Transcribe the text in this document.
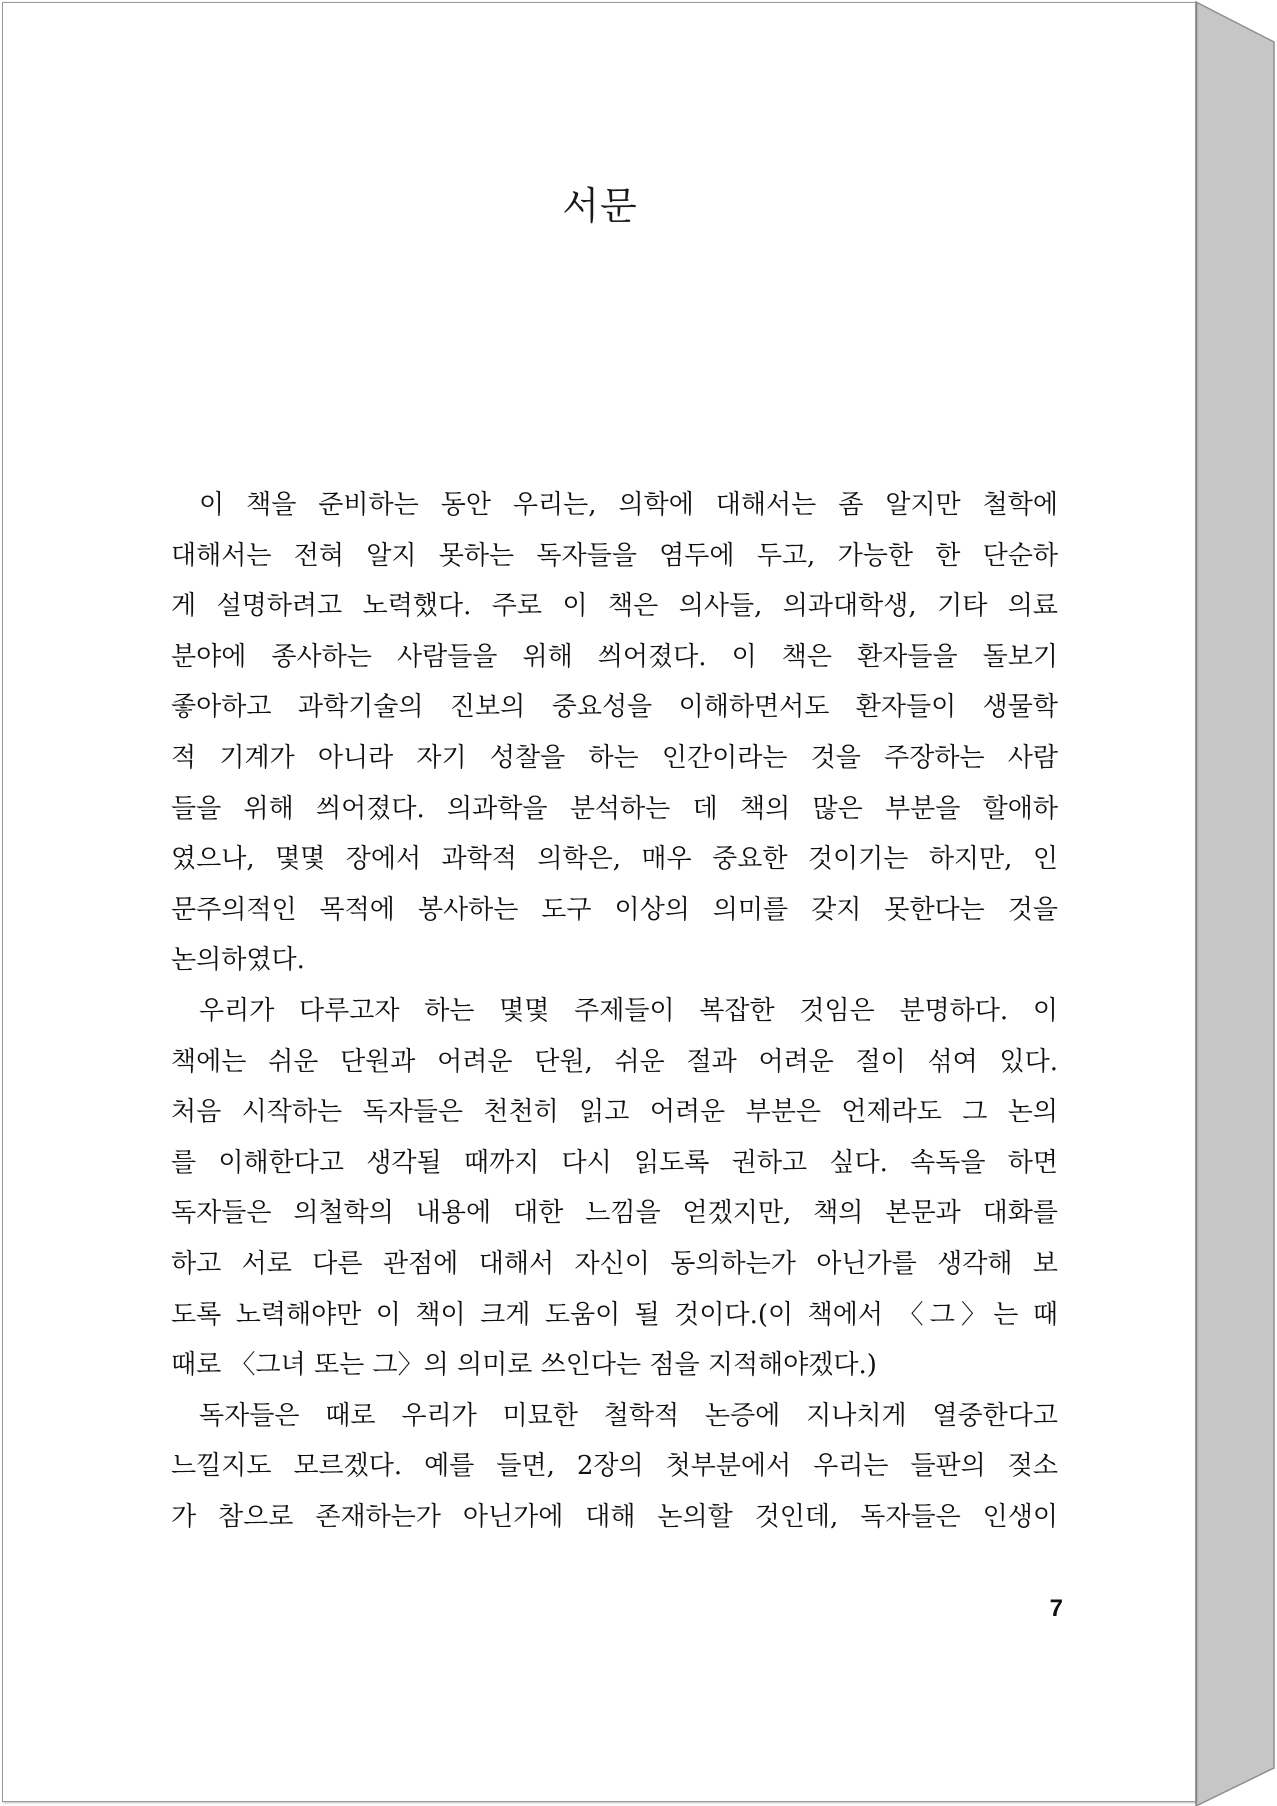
서문
이 책을 준비하는 동안 우리는, 의학에 대해서는 좀 알지만 철학에
대해서는 전혀 알지 못하는 독자들을 염두에 두고, 가능한 한 단순하
게 설명하려고 노력했다. 주로 이 책은 의사들, 의과대학생, 기타 의료
분야에 종사하는 사람들을 위해 씌어졌다. 이 책은 환자들을 돌보기
좋아하고 과학기술의 진보의 중요성을 이해하면서도 환자들이 생물학
적 기계가 아니라 자기 성찰을 하는 인간이라는 것을 주장하는 사람
들을 위해 씌어졌다. 의과학을 분석하는 데 책의 많은 부분을 할애하
였으나, 몇몇 장에서 과학적 의학은, 매우 중요한 것이기는 하지만, 인
문주의적인 목적에 봉사하는 도구 이상의 의미를 갖지 못한다는 것을
논의하였다.
우리가 다루고자 하는 몇몇 주제들이 복잡한 것임은 분명하다. 이
책에는 쉬운 단원과 어려운 단원, 쉬운 절과 어려운 절이 섞여 있다.
처음 시작하는 독자들은 천천히 읽고 어려운 부분은 언제라도 그 논의
를 이해한다고 생각될 때까지 다시 읽도록 권하고 싶다. 속독을 하면
독자들은 의철학의 내용에 대한 느낌을 얻겠지만, 책의 본문과 대화를
하고 서로 다른 관점에 대해서 자신이 동의하는가 아닌가를 생각해 보
도록 노력해야만 이 책이 크게 도움이 될 것이다.(이 책에서 〈그〉는 때
때로 〈그녀 또는 그〉의 의미로 쓰인다는 점을 지적해야겠다.)
독자들은 때로 우리가 미묘한 철학적 논증에 지나치게 열중한다고
느낄지도 모르겠다. 예를 들면, 2장의 첫부분에서 우리는 들판의 젖소
가 참으로 존재하는가 아닌가에 대해 논의할 것인데, 독자들은 인생이
7
